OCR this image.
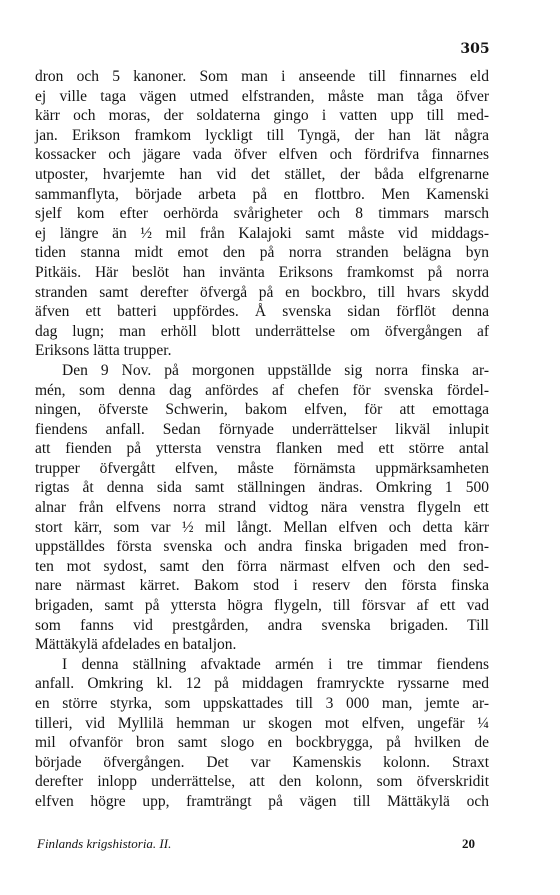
305
dron och 5 kanoner. Som man i anseende till finnarnes eld
ej ville taga vägen utmed elfstranden, måste man tåga öfver
kärr och moras, der soldaterna gingo i vatten upp till med-
jan. Erikson framkom lyckligt till Tyngä, der han lät några
kossacker och jägare vada öfver elfven och fördrifva finnarnes
utposter, hvarjemte han vid det stället, der båda elfgrenarne
sammanflyta, började arbeta på en flottbro. Men Kamenski
sjelf kom efter oerhörda svårigheter och 8 timmars marsch
ej längre än ½ mil från Kalajoki samt måste vid middags-
tiden stanna midt emot den på norra stranden belägna byn
Pitkäis. Här beslöt han invänta Eriksons framkomst på norra
stranden samt derefter öfvergå på en bockbro, till hvars skydd
äfven ett batteri uppfördes. Å svenska sidan förflöt denna
dag lugn; man erhöll blott underrättelse om öfvergången af
Eriksons lätta trupper.
Den 9 Nov. på morgonen uppställde sig norra finska ar-
mén, som denna dag anfördes af chefen för svenska fördel-
ningen, öfverste Schwerin, bakom elfven, för att emottaga
fiendens anfall. Sedan förnyade underrättelser likväl inlupit
att fienden på yttersta venstra flanken med ett större antal
trupper öfvergått elfven, måste förnämsta uppmärksamheten
rigtas åt denna sida samt ställningen ändras. Omkring 1 500
alnar från elfvens norra strand vidtog nära venstra flygeln ett
stort kärr, som var ½ mil långt. Mellan elfven och detta kärr
uppställdes första svenska och andra finska brigaden med fron-
ten mot sydost, samt den förra närmast elfven och den sed-
nare närmast kärret. Bakom stod i reserv den första finska
brigaden, samt på yttersta högra flygeln, till försvar af ett vad
som fanns vid prestgården, andra svenska brigaden. Till
Mättäkylä afdelades en bataljon.
I denna ställning afvaktade armén i tre timmar fiendens
anfall. Omkring kl. 12 på middagen framryckte ryssarne med
en större styrka, som uppskattades till 3 000 man, jemte ar-
tilleri, vid Myllilä hemman ur skogen mot elfven, ungefär ¼
mil ofvanför bron samt slogo en bockbrygga, på hvilken de
började öfvergången. Det var Kamenskis kolonn. Straxt
derefter inlopp underrättelse, att den kolonn, som öfverskridit
elfven högre upp, framträngt på vägen till Mättäkylä och
Finlands krigshistoria. II.	20
